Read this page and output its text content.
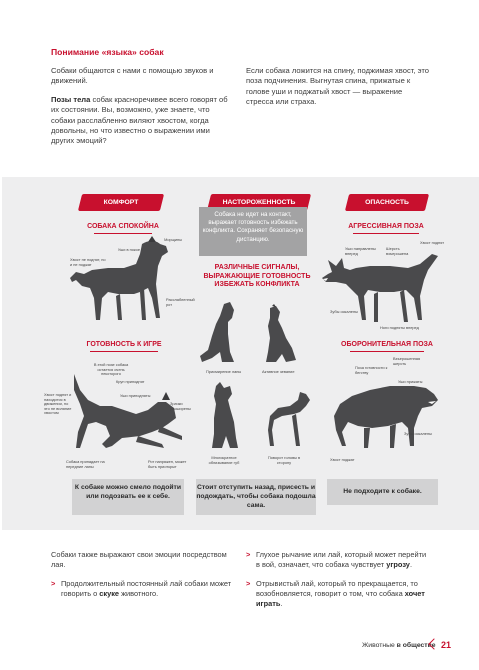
Понимание «языка» собак

Собаки общаются с нами с помощью звуков и движений.

Позы тела собак красноречивее всего говорят об их состоянии. Вы, возможно, уже знаете, что собаки расслабленно виляют хвостом, когда довольны, но что известно о выражении ими других эмоций?

Если собака ложится на спину, поджимая хвост, это поза подчинения. Выгнутая спина, прижатые к голове уши и поджатый хвост — выражение стресса или страха.

КОМФОРТ	НАСТОРОЖЕННОСТЬ	ОПАСНОСТЬ
СОБАКА СПОКОЙНА	АГРЕССИВНАЯ ПОЗА
ГОТОВНОСТЬ К ИГРЕ	ОБОРОНИТЕЛЬНАЯ ПОЗА
Собака не идет на контакт, выражает готовность избежать конфликта. Сохраняет безопасную дистанцию.
РАЗЛИЧНЫЕ СИГНАЛЫ, ВЫРАЖАЮЩИЕ ГОТОВНОСТЬ ИЗБЕЖАТЬ КОНФЛИКТА
Морщины
Уши в покое
Хвост не поднят, но и не поджат
Расслабленный рот
Уши направлены вперед
Шерсть взъерошена
Хвост поднят
Зубы оскалены
Ноги подняты вперед
В этой позе собака остается очень некоторого
Круп приподнят
Уши приподняты
Хвост поднят и находится в движении, но это не виляние хвостом
Зрачки расширены
Собака припадает на передние лапы
Рот напряжен, может быть приоткрыт
Присмирение лапы	Активное зевание
Многократное облизывание губ
Поворот головы в сторону
Взъерошенная шерсть
Поза готовности к бегству
Уши прижаты
Зубы оскалены
Хвост поджат
К собаке можно смело подойти или подозвать ее к себе.
Стоит отступить назад, присесть и подождать, чтобы собака подошла сама.
Не подходите к собаке.

Собаки также выражают свои эмоции посредством лая.

> Продолжительный постоянный лай собаки может говорить о скуке животного.

> Глухое рычание или лай, который может перейти в вой, означает, что собака чувствует угрозу.

> Отрывистый лай, который то прекращается, то возобновляется, говорит о том, что собака хочет играть.

Животные в обществе 21
